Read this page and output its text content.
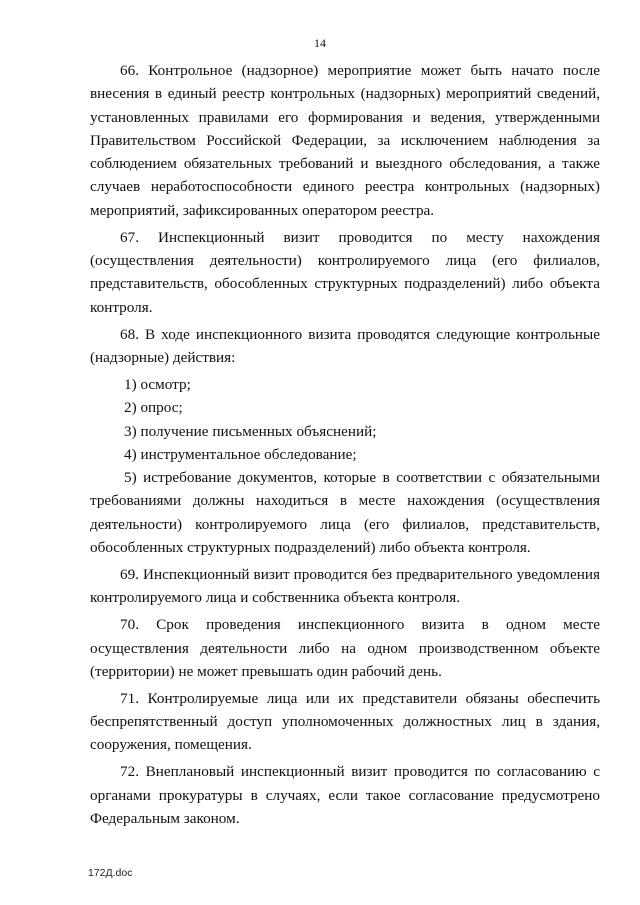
14

66. Контрольное (надзорное) мероприятие может быть начато после внесения в единый реестр контрольных (надзорных) мероприятий сведений, установленных правилами его формирования и ведения, утвержденными Правительством Российской Федерации, за исключением наблюдения за соблюдением обязательных требований и выездного обследования, а также случаев неработоспособности единого реестра контрольных (надзорных) мероприятий, зафиксированных оператором реестра.

67. Инспекционный визит проводится по месту нахождения (осуществления деятельности) контролируемого лица (его филиалов, представительств, обособленных структурных подразделений) либо объекта контроля.

68. В ходе инспекционного визита проводятся следующие контрольные (надзорные) действия:

1) осмотр;
2) опрос;
3) получение письменных объяснений;
4) инструментальное обследование;

5) истребование документов, которые в соответствии с обязательными требованиями должны находиться в месте нахождения (осуществления деятельности) контролируемого лица (его филиалов, представительств, обособленных структурных подразделений) либо объекта контроля.

69. Инспекционный визит проводится без предварительного уведомления контролируемого лица и собственника объекта контроля.

70. Срок проведения инспекционного визита в одном месте осуществления деятельности либо на одном производственном объекте (территории) не может превышать один рабочий день.

71. Контролируемые лица или их представители обязаны обеспечить беспрепятственный доступ уполномоченных должностных лиц в здания, сооружения, помещения.

72. Внеплановый инспекционный визит проводится по согласованию с органами прокуратуры в случаях, если такое согласование предусмотрено Федеральным законом.

172Д.doc
